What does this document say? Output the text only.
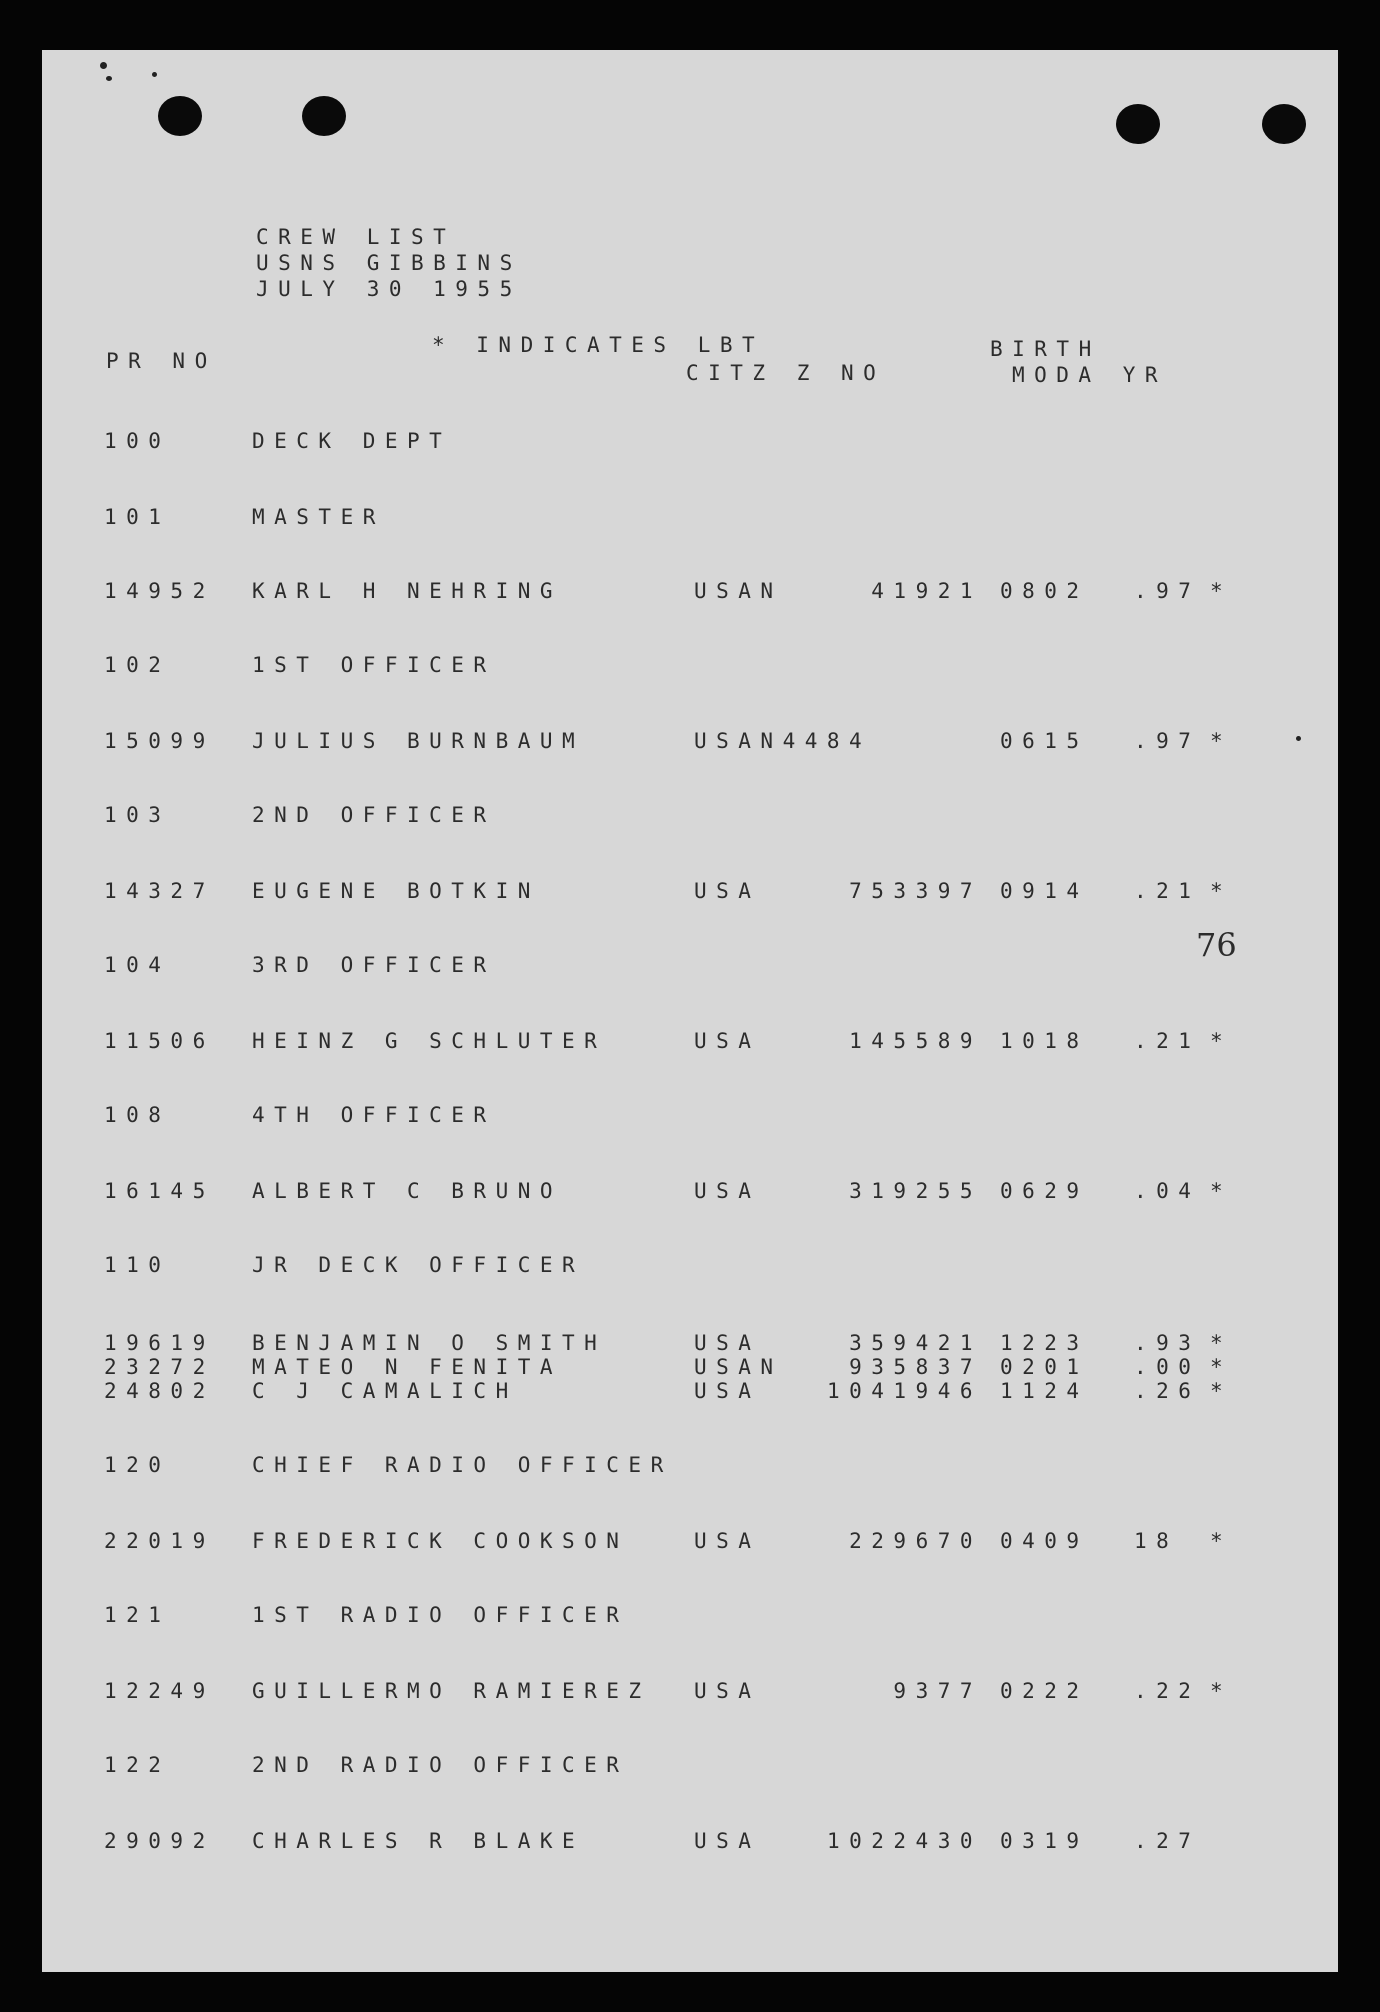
CREW LIST
USNS GIBBINS
JULY 30 1955
PR NO
* INDICATES LBT	BIRTH
CITZ Z NO	MODA YR
100	DECK DEPT
101	MASTER
14952 KARL H NEHRING	USAN	41921 0802 .97 *
102	1ST OFFICER
15099 JULIUS BURNBAUM	USAN4484	0615 .97 *
103	2ND OFFICER
14327 EUGENE BOTKIN	USA	753397 0914 .21 *
104	3RD OFFICER
11506 HEINZ G SCHLUTER	USA	145589 1018 .21 *
108	4TH OFFICER
16145 ALBERT C BRUNO	USA	319255 0629 .04 *
110	JR DECK OFFICER
19619 BENJAMIN O SMITH	USA	359421 1223 .93 *
23272 MATEO N FENITA	USAN	935837 0201 .00 *
24802 C J CAMALICH	USA	1041946 1124 .26 *
120	CHIEF RADIO OFFICER
22019 FREDERICK COOKSON	USA	229670 0409 18 *
121	1ST RADIO OFFICER
12249 GUILLERMO RAMIEREZ USA	9377 0222 .22 *
122	2ND RADIO OFFICER
29092 CHARLES R BLAKE	USA	1022430 0319 .27
76
